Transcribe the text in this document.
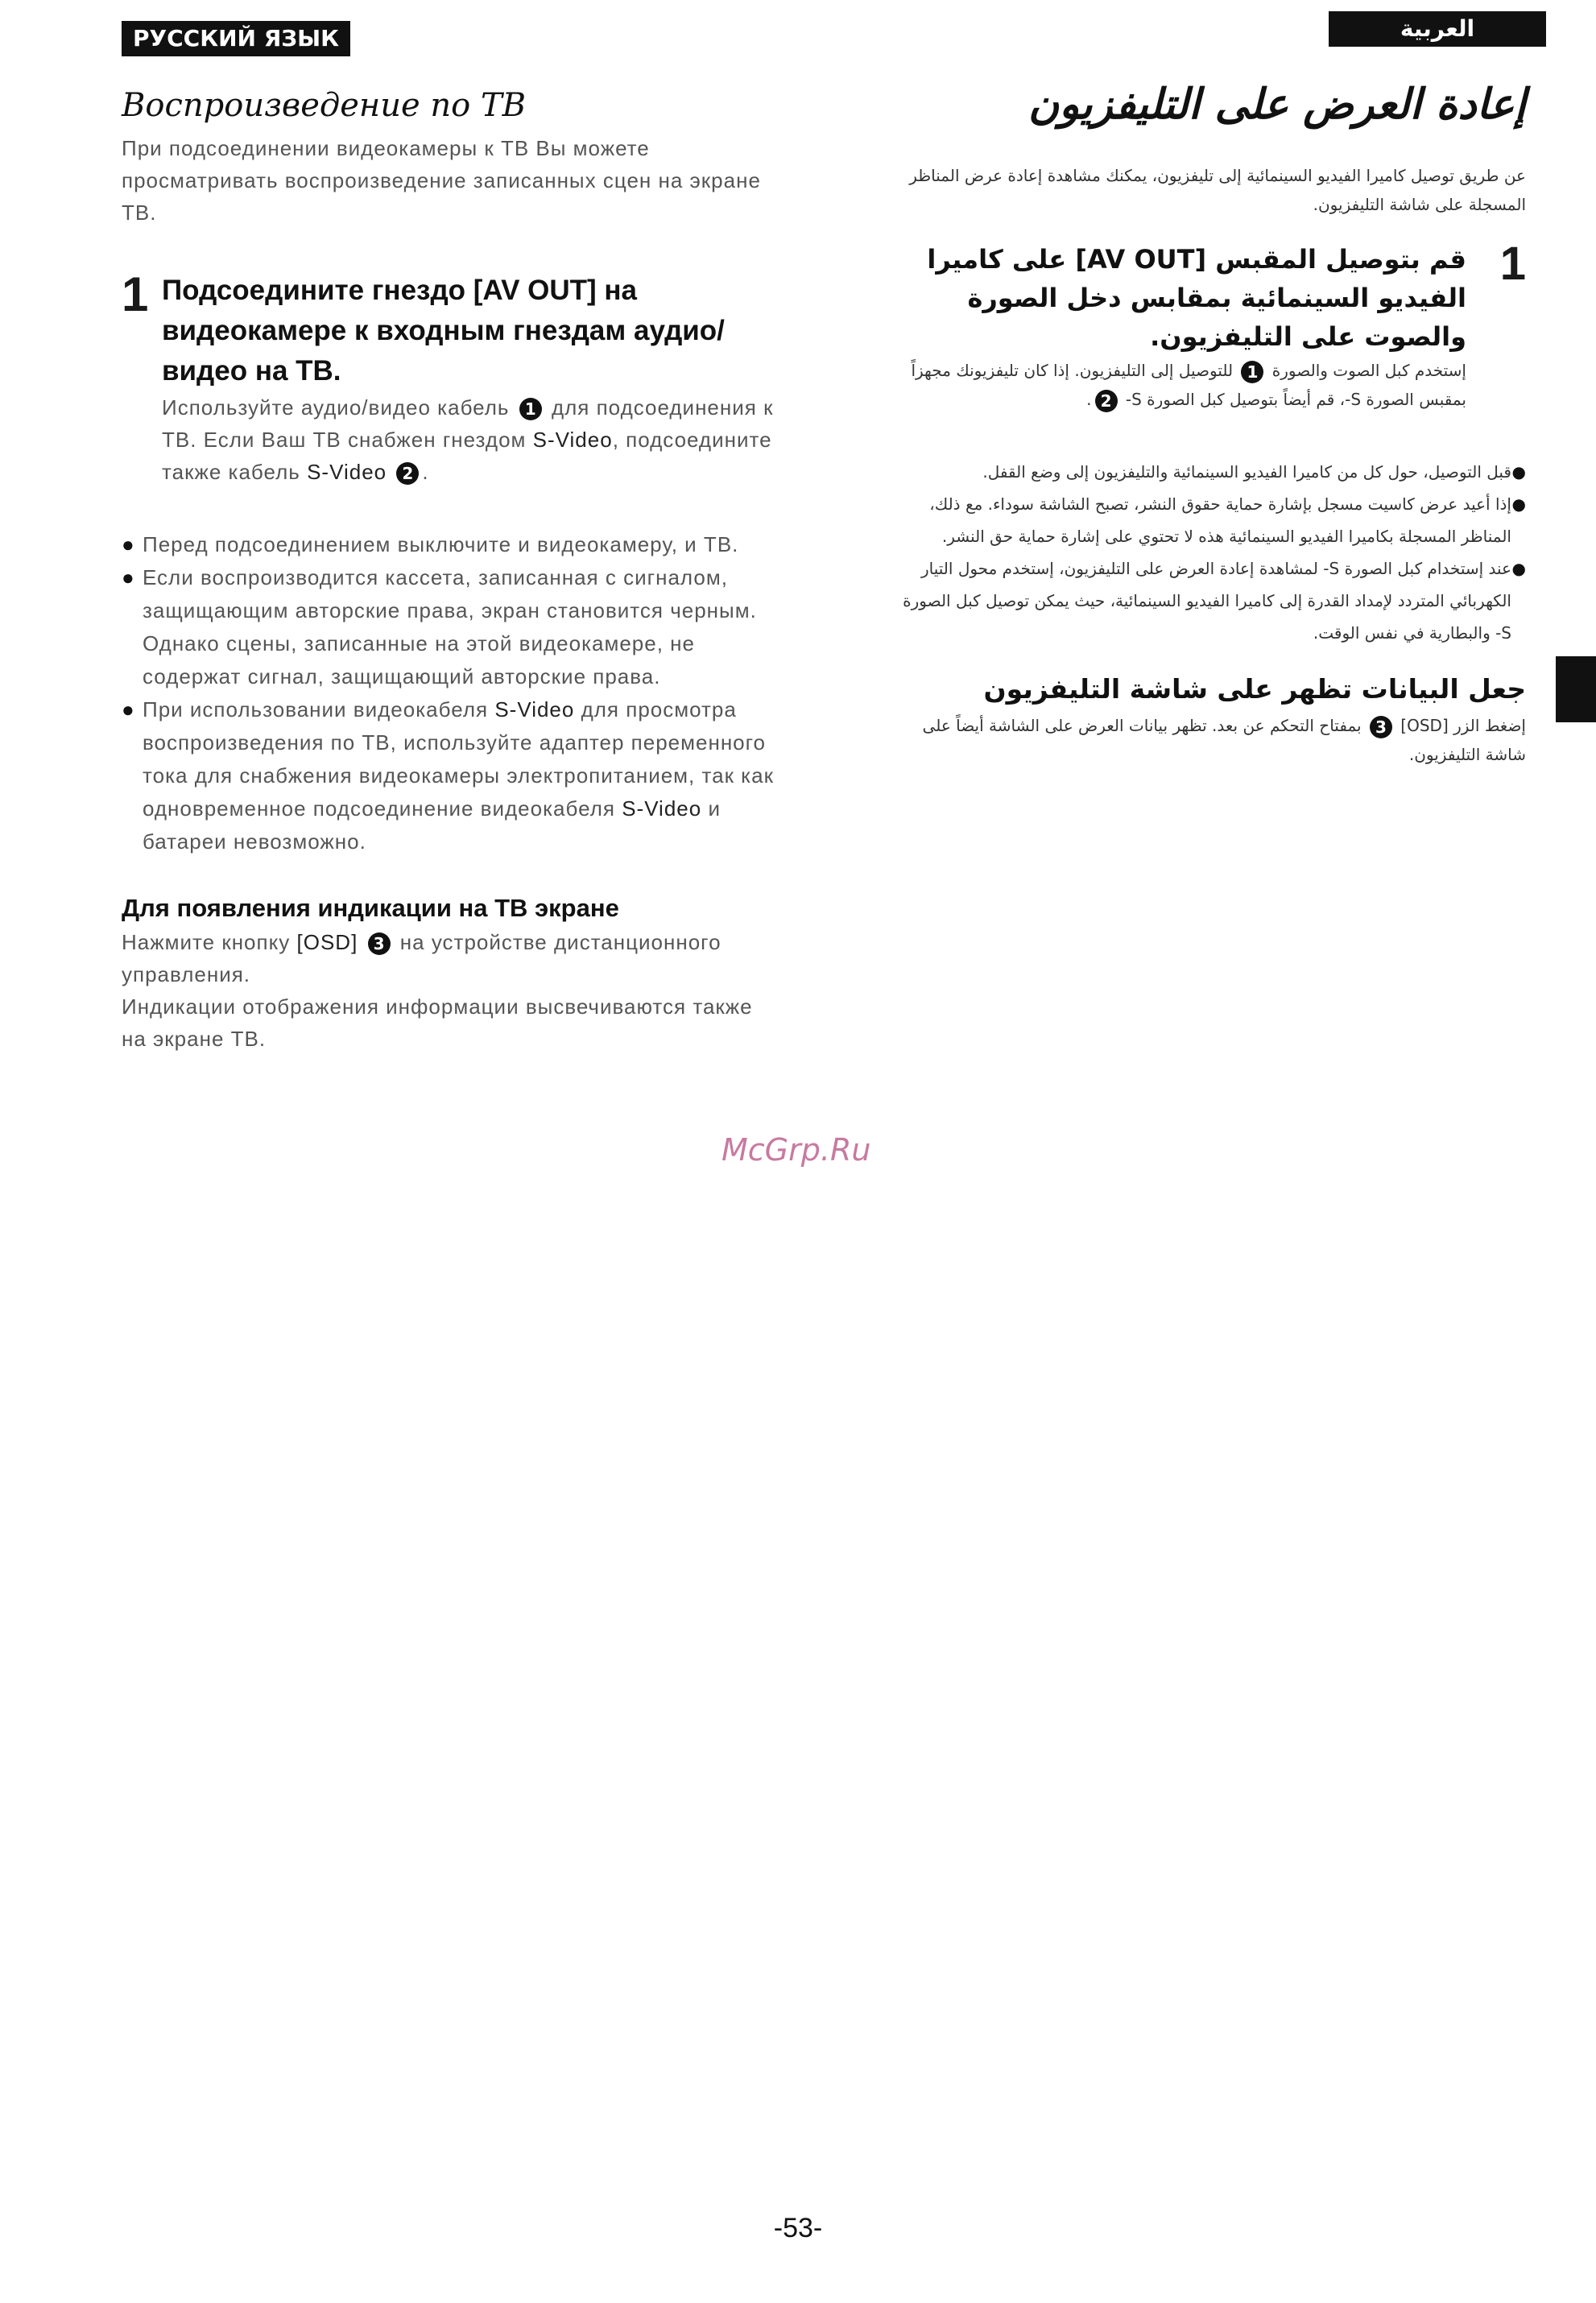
РУССКИЙ ЯЗЫК	العربية
Воспроизведение по ТВ

При подсоединении видеокамеры к ТВ Вы можете просматривать воспроизведение записанных сцен на экране ТВ.

1 Подсоедините гнездо [AV OUT] на видеокамере к входным гнездам аудио/ видео на ТВ.

Используйте аудио/видео кабель 1 для подсоединения к ТВ. Если Ваш ТВ снабжен гнездом S-Video, подсоедините также кабель S-Video 2 .

● Перед подсоединением выключите и видеокамеру, и ТВ.
● Если воспроизводится кассета, записанная с сигналом, защищающим авторские права, экран становится черным. Однако сцены, записанные на этой видеокамере, не содержат сигнал, защищающий авторские права.
● При использовании видеокабеля S-Video для просмотра воспроизведения по ТВ, используйте адаптер переменного тока для снабжения видеокамеры электропитанием, так как одновременное подсоединение видеокабеля S-Video и батареи невозможно.
Для появления индикации на ТВ экране

Нажмите кнопку [OSD] 3 на устройстве дистанционного управления.
Индикации отображения информации высвечиваются также на экране ТВ.

إعادة العرض على التليفزيون

عن طريق توصيل كاميرا الفيديو السينمائية إلى تليفزيون، يمكنك مشاهدة إعادة عرض المناظر المسجلة على شاشة التليفزيون.

1

قم بتوصيل المقبس [AV OUT] على كاميرا الفيديو السينمائية بمقابس دخل الصورة والصوت على التليفزيون.

إستخدم كبل الصوت والصورة 1 للتوصيل إلى التليفزيون. إذا كان تليفزيونك مجهزاً بمقبس الصورة S-، قم أيضاً بتوصيل كبل الصورة S- 2.

●
قبل التوصيل، حول كل من كاميرا الفيديو السينمائية والتليفزيون إلى وضع القفل.
●
إذا أعيد عرض كاسيت مسجل بإشارة حماية حقوق النشر، تصبح الشاشة سوداء. مع ذلك، المناظر المسجلة بكاميرا الفيديو السينمائية هذه لا تحتوي على إشارة حماية حق النشر.
●
عند إستخدام كبل الصورة S- لمشاهدة إعادة العرض على التليفزيون، إستخدم محول التيار الكهربائي المتردد لإمداد القدرة إلى كاميرا الفيديو السينمائية، حيث يمكن توصيل كبل الصورة S- والبطارية في نفس الوقت.
جعل البيانات تظهر على شاشة التليفزيون

إضغط الزر [OSD] 3 بمفتاح التحكم عن بعد. تظهر بيانات العرض على الشاشة أيضاً على شاشة التليفزيون.

McGrp.Ru
-53-
